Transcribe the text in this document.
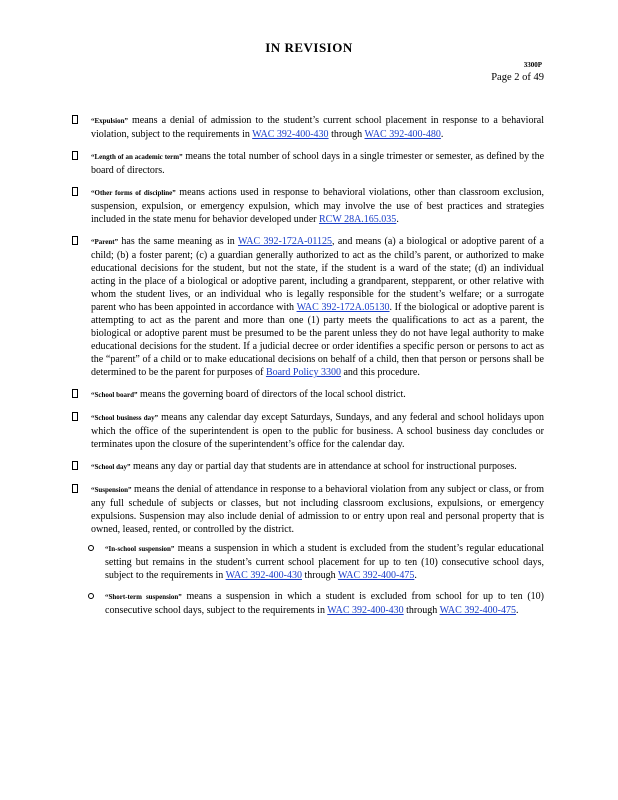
IN REVISION
3300P
Page 2 of 49
“Expulsion” means a denial of admission to the student’s current school placement in response to a behavioral violation, subject to the requirements in WAC 392-400-430 through WAC 392-400-480.
“Length of an academic term” means the total number of school days in a single trimester or semester, as defined by the board of directors.
“Other forms of discipline” means actions used in response to behavioral violations, other than classroom exclusion, suspension, expulsion, or emergency expulsion, which may involve the use of best practices and strategies included in the state menu for behavior developed under RCW 28A.165.035.
“Parent” has the same meaning as in WAC 392-172A-01125, and means (a) a biological or adoptive parent of a child; (b) a foster parent; (c) a guardian generally authorized to act as the child’s parent, or authorized to make educational decisions for the student, but not the state, if the student is a ward of the state; (d) an individual acting in the place of a biological or adoptive parent, including a grandparent, stepparent, or other relative with whom the student lives, or an individual who is legally responsible for the student’s welfare; or a surrogate parent who has been appointed in accordance with WAC 392-172A.05130. If the biological or adoptive parent is attempting to act as the parent and more than one (1) party meets the qualifications to act as a parent, the biological or adoptive parent must be presumed to be the parent unless they do not have legal authority to make educational decisions for the student. If a judicial decree or order identifies a specific person or persons to act as the “parent” of a child or to make educational decisions on behalf of a child, then that person or persons shall be determined to be the parent for purposes of Board Policy 3300 and this procedure.
“School board” means the governing board of directors of the local school district.
“School business day” means any calendar day except Saturdays, Sundays, and any federal and school holidays upon which the office of the superintendent is open to the public for business. A school business day concludes or terminates upon the closure of the superintendent’s office for the calendar day.
“School day” means any day or partial day that students are in attendance at school for instructional purposes.
“Suspension” means the denial of attendance in response to a behavioral violation from any subject or class, or from any full schedule of subjects or classes, but not including classroom exclusions, expulsions, or emergency expulsions. Suspension may also include denial of admission to or entry upon real and personal property that is owned, leased, rented, or controlled by the district.
“In-school suspension” means a suspension in which a student is excluded from the student’s regular educational setting but remains in the student’s current school placement for up to ten (10) consecutive school days, subject to the requirements in WAC 392-400-430 through WAC 392-400-475.
“Short-term suspension” means a suspension in which a student is excluded from school for up to ten (10) consecutive school days, subject to the requirements in WAC 392-400-430 through WAC 392-400-475.
